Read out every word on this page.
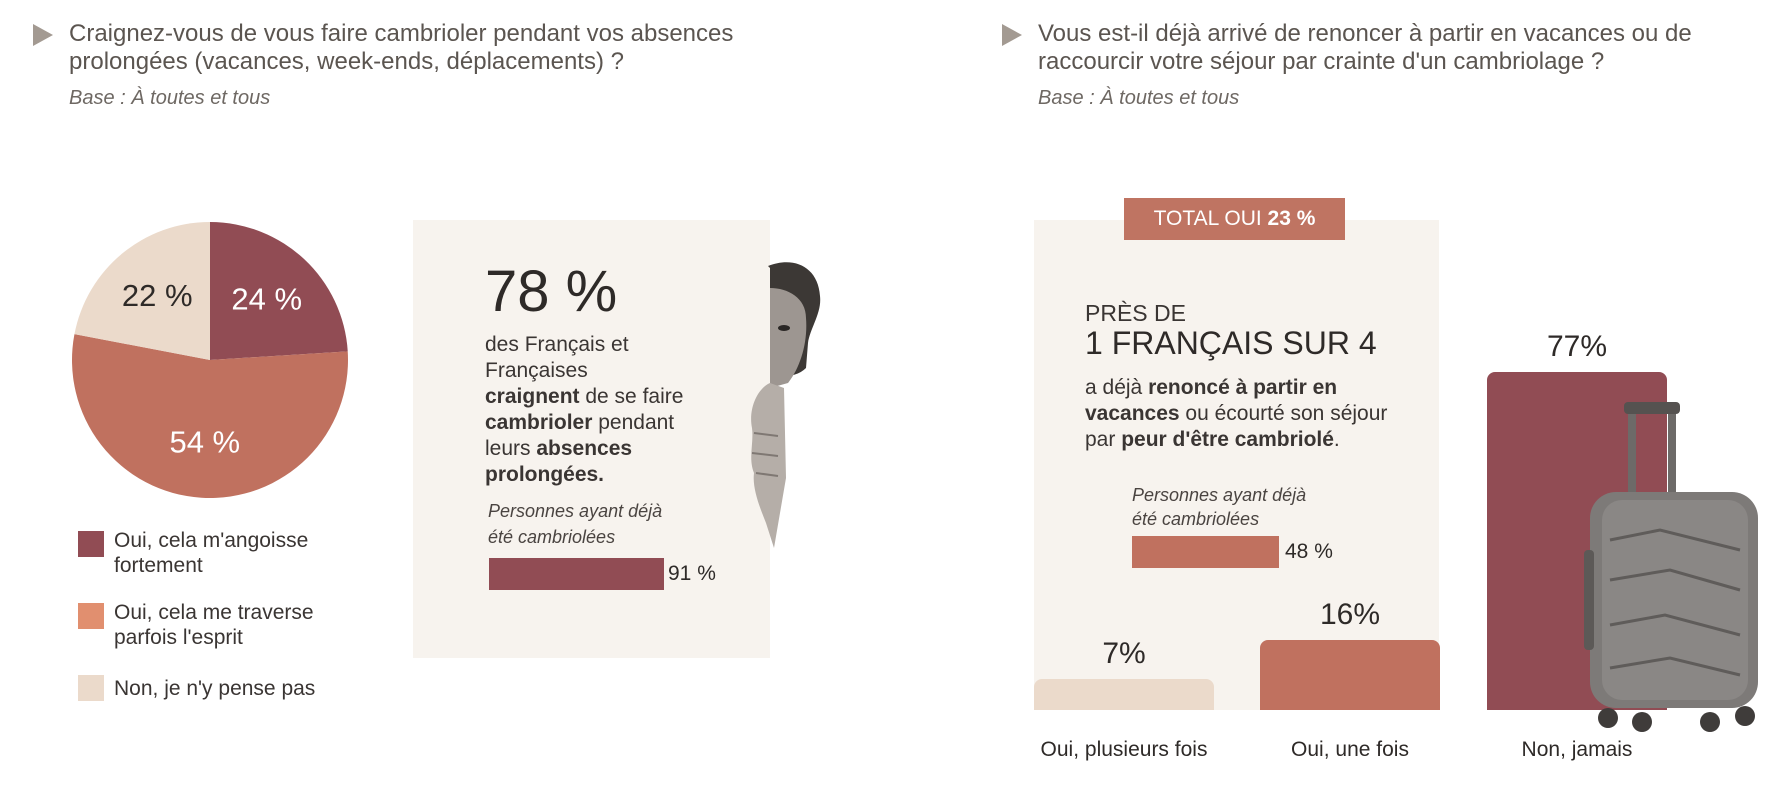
Craignez-vous de vous faire cambrioler pendant vos absences prolongées (vacances, week-ends, déplacements) ?
Base : À toutes et tous
24 %
54 %
22 %
Oui, cela m'angoisse fortement
Oui, cela me traverse parfois l'esprit
Non, je n'y pense pas
78 %
des Français et Françaises
craignent de se faire cambrioler pendant leurs absences prolongées.
Personnes ayant déjà été cambriolées
91 %
Vous est-il déjà arrivé de renoncer à partir en vacances ou de raccourcir votre séjour par crainte d'un cambriolage ?
Base : À toutes et tous
TOTAL OUI 23 %
PRÈS DE
1 FRANÇAIS SUR 4
a déjà renoncé à partir en vacances ou écourté son séjour par peur d'être cambriolé.
Personnes ayant déjà été cambriolées
48 %
7%
Oui, plusieurs fois
16%
Oui, une fois
77%
Non, jamais
